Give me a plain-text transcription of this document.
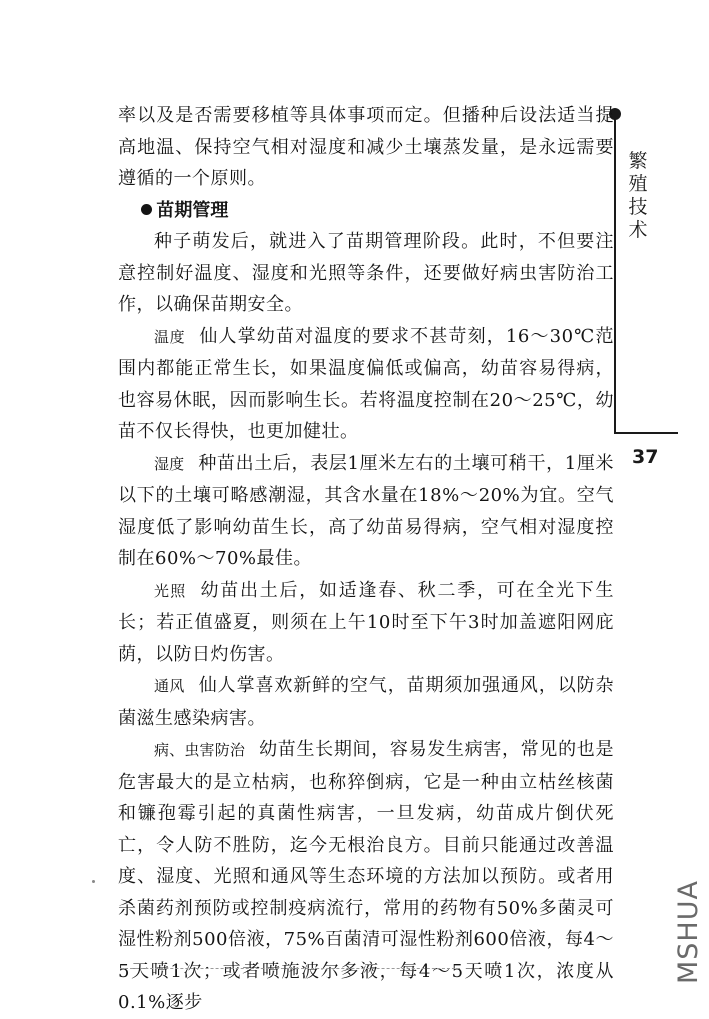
繁
殖
技
术
37

率以及是否需要移植等具体事项而定。但播种后设法适当提高地温、保持空气相对湿度和减少土壤蒸发量，是永远需要遵循的一个原则。

苗期管理

种子萌发后，就进入了苗期管理阶段。此时，不但要注意控制好温度、湿度和光照等条件，还要做好病虫害防治工作，以确保苗期安全。

温度 仙人掌幼苗对温度的要求不甚苛刻，16～30℃范围内都能正常生长，如果温度偏低或偏高，幼苗容易得病，也容易休眠，因而影响生长。若将温度控制在20～25℃，幼苗不仅长得快，也更加健壮。

湿度 种苗出土后，表层1厘米左右的土壤可稍干，1厘米以下的土壤可略感潮湿，其含水量在18%～20%为宜。空气湿度低了影响幼苗生长，高了幼苗易得病，空气相对湿度控制在60%～70%最佳。

光照 幼苗出土后，如适逢春、秋二季，可在全光下生长；若正值盛夏，则须在上午10时至下午3时加盖遮阳网庇荫，以防日灼伤害。

通风 仙人掌喜欢新鲜的空气，苗期须加强通风，以防杂菌滋生感染病害。

病、虫害防治 幼苗生长期间，容易发生病害，常见的也是危害最大的是立枯病，也称猝倒病，它是一种由立枯丝核菌和镰孢霉引起的真菌性病害，一旦发病，幼苗成片倒伏死亡，令人防不胜防，迄今无根治良方。目前只能通过改善温度、湿度、光照和通风等生态环境的方法加以预防。或者用杀菌药剂预防或控制疫病流行，常用的药物有50%多菌灵可湿性粉剂500倍液，75%百菌清可湿性粉剂600倍液，每4～5天喷1次；或者喷施波尔多液，每4～5天喷1次，浓度从0.1%逐步

MSHUA
